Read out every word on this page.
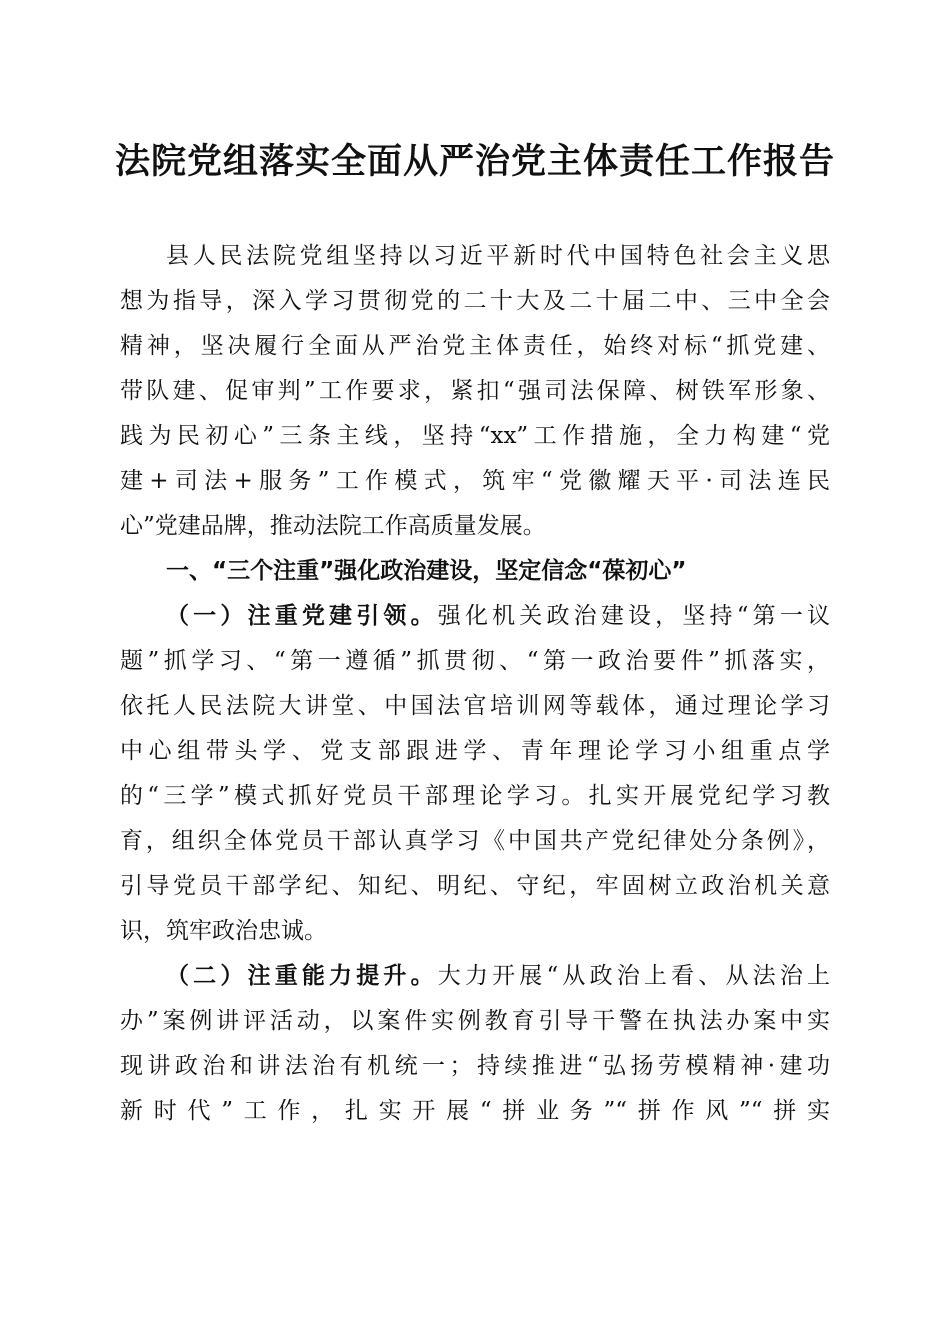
法院党组落实全面从严治党主体责任工作报告

县人民法院党组坚持以习近平新时代中国特色社会主义思

想为指导，深入学习贯彻党的二十大及二十届二中、三中全会

精神，坚决履行全面从严治党主体责任，始终对标“抓党建、

带队建、促审判”工作要求，紧扣“强司法保障、树铁军形象、

践为民初心”三条主线，坚持“xx”工作措施，全力构建“党

建+司法+服务”工作模式，筑牢“党徽耀天平·司法连民

心”党建品牌，推动法院工作高质量发展。

一、“三个注重”强化政治建设，坚定信念“葆初心”

（一）注重党建引领。强化机关政治建设，坚持“第一议

题”抓学习、“第一遵循”抓贯彻、“第一政治要件”抓落实，

依托人民法院大讲堂、中国法官培训网等载体，通过理论学习

中心组带头学、党支部跟进学、青年理论学习小组重点学

的“三学”模式抓好党员干部理论学习。扎实开展党纪学习教

育，组织全体党员干部认真学习《中国共产党纪律处分条例》，

引导党员干部学纪、知纪、明纪、守纪，牢固树立政治机关意

识，筑牢政治忠诚。

（二）注重能力提升。大力开展“从政治上看、从法治上

办”案例讲评活动，以案件实例教育引导干警在执法办案中实

现讲政治和讲法治有机统一；持续推进“弘扬劳模精神·建功

新时代”工作，扎实开展“拼业务”“拼作风”“拼实
